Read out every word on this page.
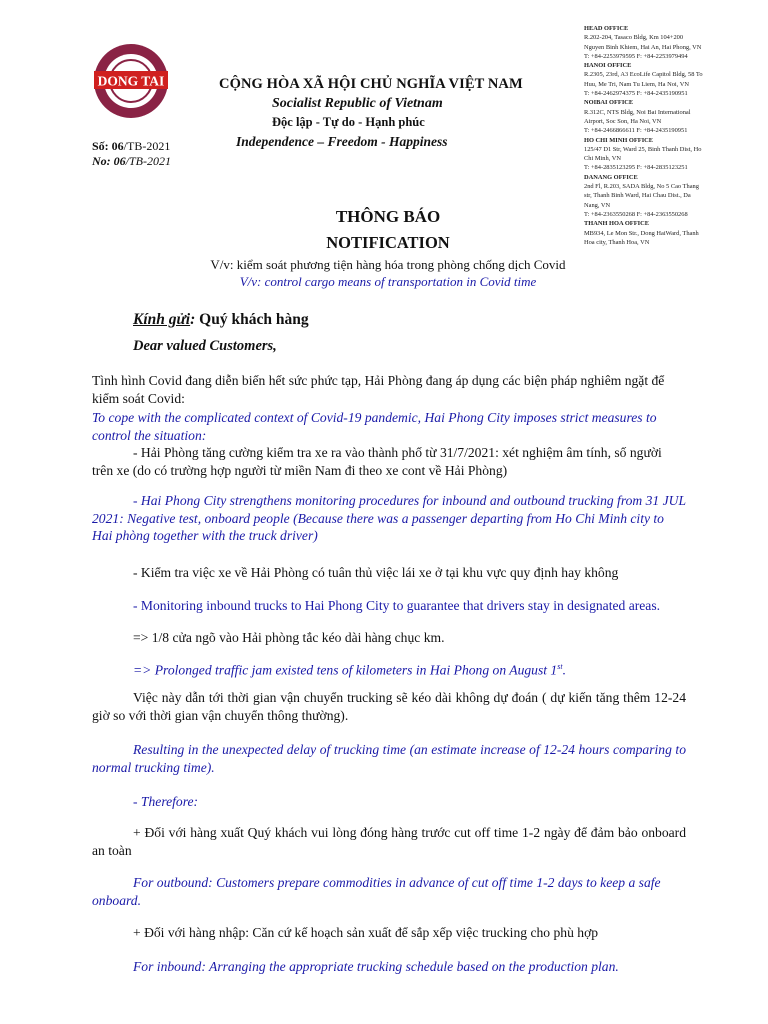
DONG TAI	CỘNG HÒA XÃ HỘI CHỦ NGHĨA VIỆT NAM
Socialist Republic of Vietnam
Độc lập - Tự do - Hạnh phúc
Independence – Freedom - Happiness
Số: 06/TB-2021
No: 06/TB-2021
HEAD OFFICE
R.202-204, Tasaco Bldg, Km 104+200
Nguyen Binh Khiem, Hai An, Hai Phong, VN
T: +84-2253979595 F: +84-2253979494
HANOI OFFICE
R.2305, 23rd, A3 EcoLife Capitol Bldg, 58 To
Huu, Me Tri, Nam Tu Liem, Ha Noi, VN
T: +84-2462974375 F: +84-2435190951
NOIBAI OFFICE
R.312C, NTS Bldg, Noi Bai International
Airport, Soc Son, Ha Noi, VN
T: +84-2466866611 F: +84-2435190951
HO CHI MINH OFFICE
125/47 D1 Str, Ward 25, Binh Thanh Dist, Ho
Chi Minh, VN
T: +84-2835123295 F: +84-2835123251
DANANG OFFICE
2nd Fl, R.203, SADA Bldg, No 5 Cao Thang
str, Thanh Binh Ward, Hai Chau Dist., Da
Nang, VN
T: +84-2363550268 F: +84-2363550268
THANH HOA OFFICE
MB934, Le Mon Str., Dong HaiWard, Thanh
Hoa city, Thanh Hoa, VN
THÔNG BÁO
NOTIFICATION
V/v: kiểm soát phương tiện hàng hóa trong phòng chống dịch Covid
V/v: control cargo means of transportation in Covid time
Kính gửi: Quý khách hàng
Dear valued Customers,
Tình hình Covid đang diễn biến hết sức phức tạp, Hải Phòng đang áp dụng các biện pháp nghiêm ngặt để kiểm soát Covid:
To cope with the complicated context of Covid-19 pandemic, Hai Phong City imposes strict measures to control the situation:
- Hải Phòng tăng cường kiểm tra xe ra vào thành phố từ 31/7/2021: xét nghiệm âm tính, số người trên xe (do có trường hợp người từ miền Nam đi theo xe cont về Hải Phòng)
- Hai Phong City strengthens monitoring procedures for inbound and outbound trucking from 31 JUL 2021: Negative test, onboard people (Because there was a passenger departing from Ho Chi Minh city to Hai phòng together with the truck driver)
- Kiểm tra việc xe về Hải Phòng có tuân thủ việc lái xe ở tại khu vực quy định hay không
- Monitoring inbound trucks to Hai Phong City to guarantee that drivers stay in designated areas.
=> 1/8 cửa ngõ vào Hải phòng tắc kéo dài hàng chục km.
=> Prolonged traffic jam existed tens of kilometers in Hai Phong on August 1st.
Việc này dẫn tới thời gian vận chuyển trucking sẽ kéo dài không dự đoán ( dự kiến tăng thêm 12-24 giờ so với thời gian vận chuyển thông thường).
Resulting in the unexpected delay of trucking time (an estimate increase of 12-24 hours comparing to normal trucking time).
- Therefore:
+ Đối với hàng xuất Quý khách vui lòng đóng hàng trước cut off time 1-2 ngày để đảm bảo onboard an toàn
For outbound: Customers prepare commodities in advance of cut off time 1-2 days to keep a safe onboard.
+ Đối với hàng nhập: Căn cứ kế hoạch sản xuất để sắp xếp việc trucking cho phù hợp
For inbound: Arranging the appropriate trucking schedule based on the production plan.
